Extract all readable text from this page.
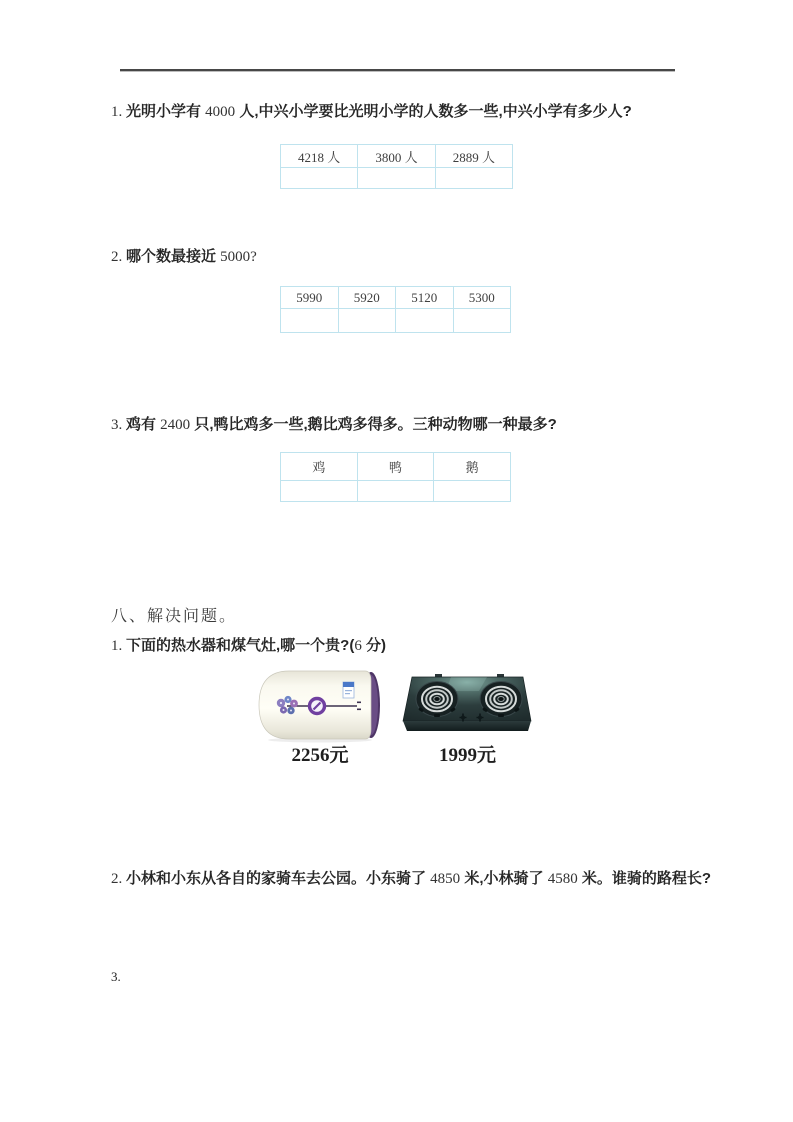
1. 光明小学有 4000 人,中兴小学要比光明小学的人数多一些,中兴小学有多少人?
4218 人	3800 人	2889 人

2. 哪个数最接近 5000?
5990	5920	5120	5300

3. 鸡有 2400 只,鸭比鸡多一些,鹅比鸡多得多。三种动物哪一种最多?
鸡	鸭	鹅

八、解决问题。
1. 下面的热水器和煤气灶,哪一个贵?(6 分)
2256元	1999元
2. 小林和小东从各自的家骑车去公园。小东骑了 4850 米,小林骑了 4580 米。谁骑的路程长?
3.
